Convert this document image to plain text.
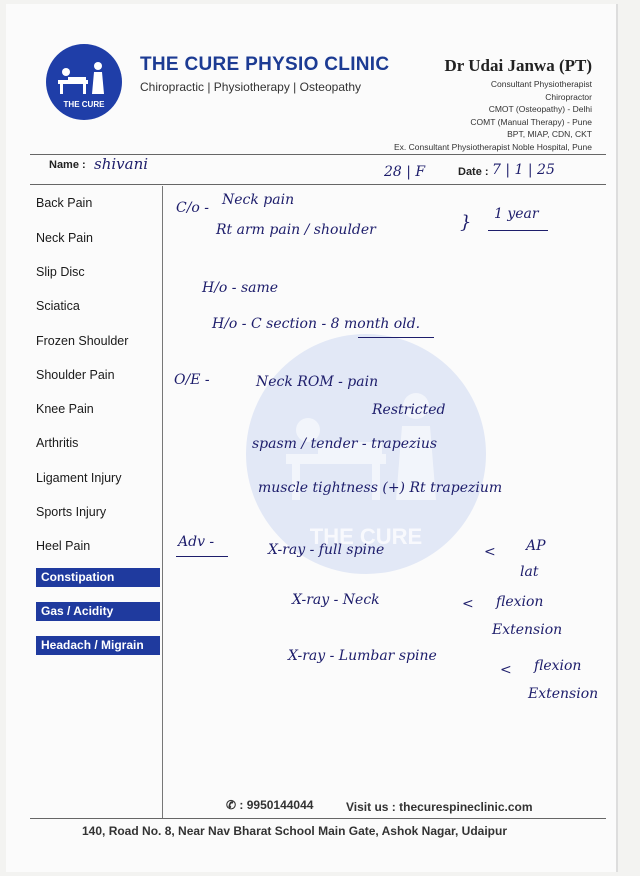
THE CURE
THE CURE PHYSIO CLINIC
Chiropractic | Physiotherapy | Osteopathy
Dr Udai Janwa (PT)
Consultant Physiotherapist
Chiropractor
CMOT (Osteopathy) - Delhi
COMT (Manual Therapy) - Pune
BPT, MIAP, CDN, CKT
Ex. Consultant Physiotherapist Noble Hospital, Pune
Name : shivani	28 | F	Date : 7 | 1 | 25
Back Pain
Neck Pain
Slip Disc
Sciatica
Frozen Shoulder
Shoulder Pain
Knee Pain
Arthritis
Ligament Injury
Sports Injury
Heel Pain
Constipation
Gas / Acidity
Headach / Migrain
THE CURE
C/o - Neck pain
Rt arm pain / shoulder	} 1 year
H/o - same
H/o - C section - 8 month old.
O/E -	Neck ROM - pain
Restricted
spasm / tender - trapezius
muscle tightness (+) Rt trapezium
Adv -	X-ray - full spine	< AP
lat
X-ray - Neck	< flexion
Extension
X-ray - Lumbar spine
< flexion
Extension
✆ : 9950144044	Visit us : thecurespineclinic.com
140, Road No. 8, Near Nav Bharat School Main Gate, Ashok Nagar, Udaipur
